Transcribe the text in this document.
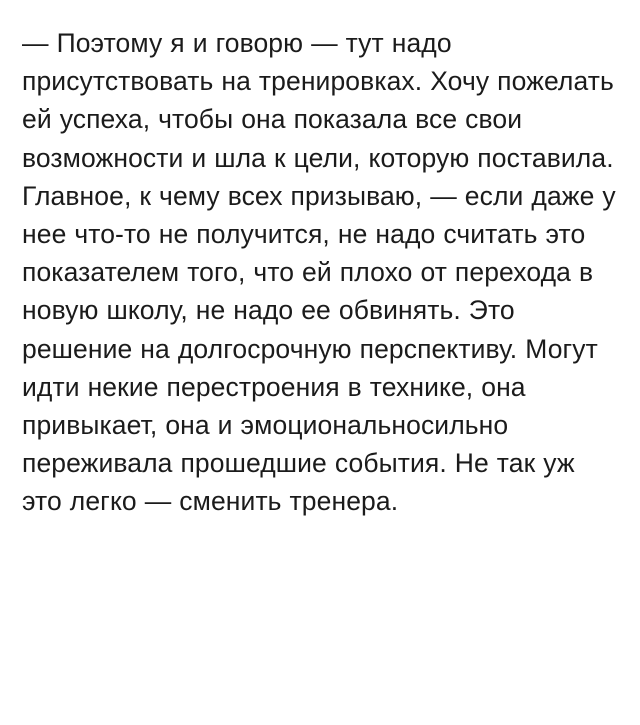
— Поэтому я и говорю — тут надо присутствовать на тренировках. Хочу пожелать ей успеха, чтобы она показала все свои возможности и шла к цели, которую поставила. Главное, к чему всех призываю, — если даже у нее что-то не получится, не надо считать это показателем того, что ей плохо от перехода в новую школу, не надо ее обвинять. Это решение на долгосрочную перспективу. Могут идти некие перестроения в технике, она привыкает, она и эмоциональносильно переживала прошедшие события. Не так уж это легко — сменить тренера.
